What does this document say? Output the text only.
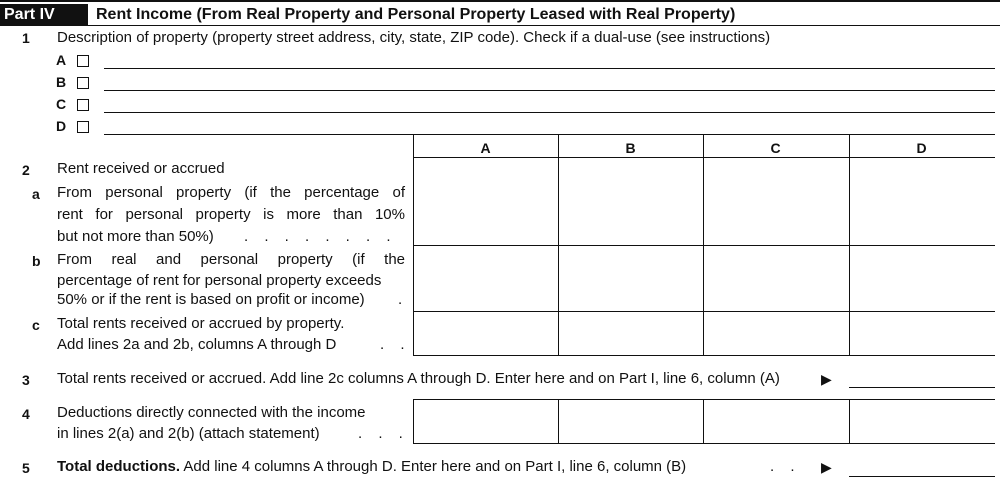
Part IV	Rent Income (From Real Property and Personal Property Leased with Real Property)
1 Description of property (property street address, city, state, ZIP code). Check if a dual-use (see instructions)
A
B
C
D
A	B	C	D
2 Rent received or accrued
a From personal property (if the percentage of
rent for personal property is more than 10%
but not more than 50%) . . . . . . . .
b From real and personal property (if the
percentage of rent for personal property exceeds
50% or if the rent is based on profit or income) .
c Total rents received or accrued by property.
Add lines 2a and 2b, columns A through D	. .
3 Total rents received or accrued. Add line 2c columns A through D. Enter here and on Part I, line 6, column (A)	▶
4 Deductions directly connected with the income
in lines 2(a) and 2(b) (attach statement)	. . .
5 Total deductions. Add line 4 columns A through D. Enter here and on Part I, line 6, column (B)	. . ▶
